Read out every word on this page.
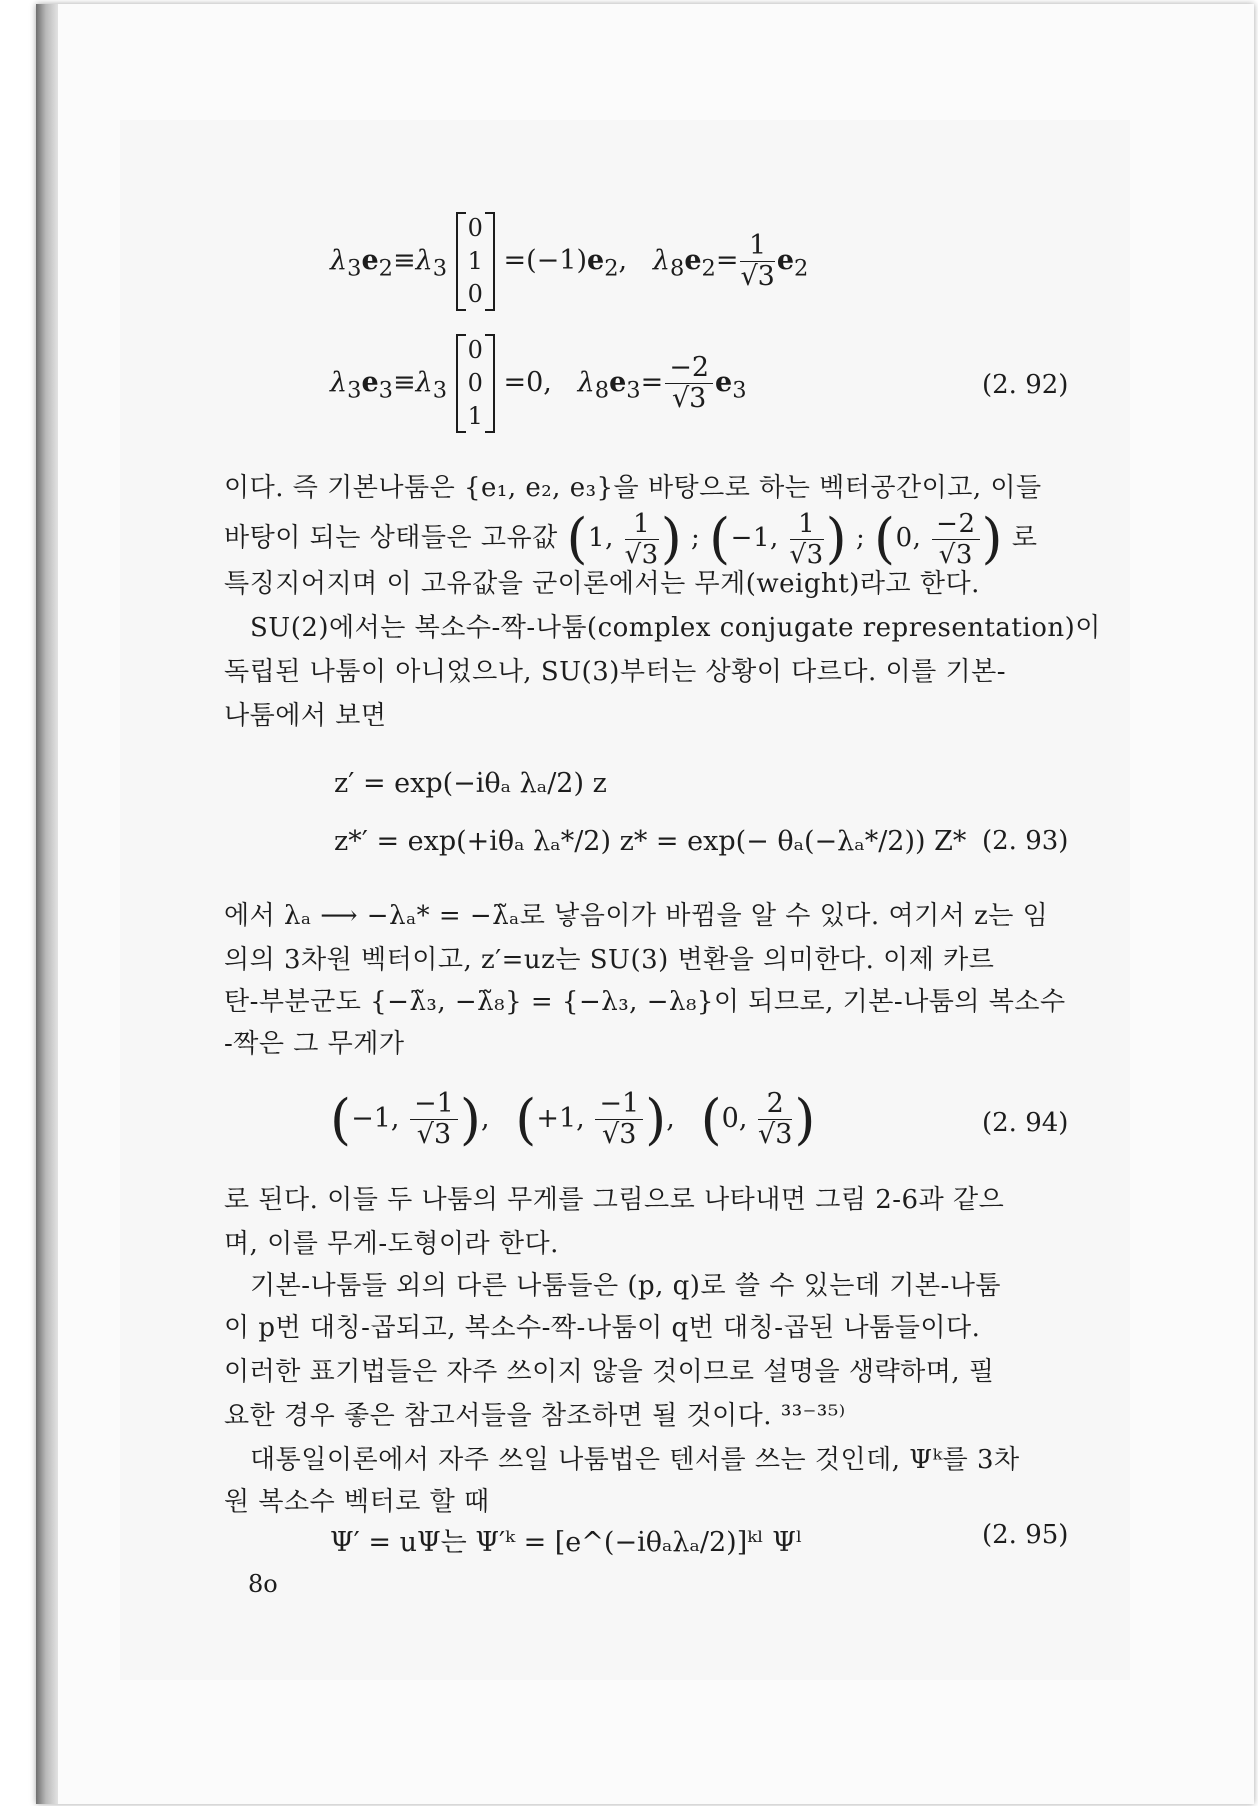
$\lambda_3e_2\equiv\lambda_3$
0
1
0
$=(-1)e_2$,   $\lambda_8e_2= \frac{1}{√3} e_2$
$\lambda_3e_3\equiv\lambda_3$
0
0
1
=0,   $\lambda_8e_3= \frac{-2}{√3} e_3$	(2. 92)
이다. 즉 기본나툼은 {e₁, e₂, e₃}을 바탕으로 하는 벡터공간이고, 이들
바탕이 되는 상태들은 고유값 (1, $\frac{1}{√3}$ ) ; (−1, $\frac{1}{√3}$ ) ; (0, $\frac{-2}{√3}$ ) 로
특징지어지며 이 고유값을 군이론에서는 무게(weight)라고 한다.
SU(2)에서는 복소수-짝-나툼(complex conjugate representation)이
독립된 나툼이 아니었으나, SU(3)부터는 상황이 다르다. 이를 기본-
나툼에서 보면
z′ = exp(−iθₐ λₐ/2) z
z*′ = exp(+iθₐ λₐ*/2) z* = exp(− θₐ(−λₐ*/2)) Z* (2. 93)
에서 λₐ ⟶ −λₐ* = −λ̃ₐ로 낳음이가 바뀜을 알 수 있다. 여기서 z는 임
의의 3차원 벡터이고, z′=uz는 SU(3) 변환을 의미한다. 이제 카르
탄-부분군도 {−λ̃₃, −λ̃₈} = {−λ₃, −λ₈}이 되므로, 기본-나툼의 복소수
-짝은 그 무게가
(−1, $\frac{-1}{√3}$ ),   (+1, $\frac{-1}{√3}$ ),   (0, $\frac{2}{√3}$ )	(2. 94)
로 된다. 이들 두 나툼의 무게를 그림으로 나타내면 그림 2-6과 같으
며, 이를 무게-도형이라 한다.
기본-나툼들 외의 다른 나툼들은 (p, q)로 쓸 수 있는데 기본-나툼
이 p번 대칭-곱되고, 복소수-짝-나툼이 q번 대칭-곱된 나툼들이다.
이러한 표기법들은 자주 쓰이지 않을 것이므로 설명을 생략하며, 필
요한 경우 좋은 참고서들을 참조하면 될 것이다. ³³⁻³⁵⁾
대통일이론에서 자주 쓰일 나툼법은 텐서를 쓰는 것인데, Ψᵏ를 3차
원 복소수 벡터로 할 때
Ψ′ = uΨ는 Ψ′ᵏ = [e^(−iθₐλₐ/2)]ᵏˡ Ψˡ	(2. 95)
8o
